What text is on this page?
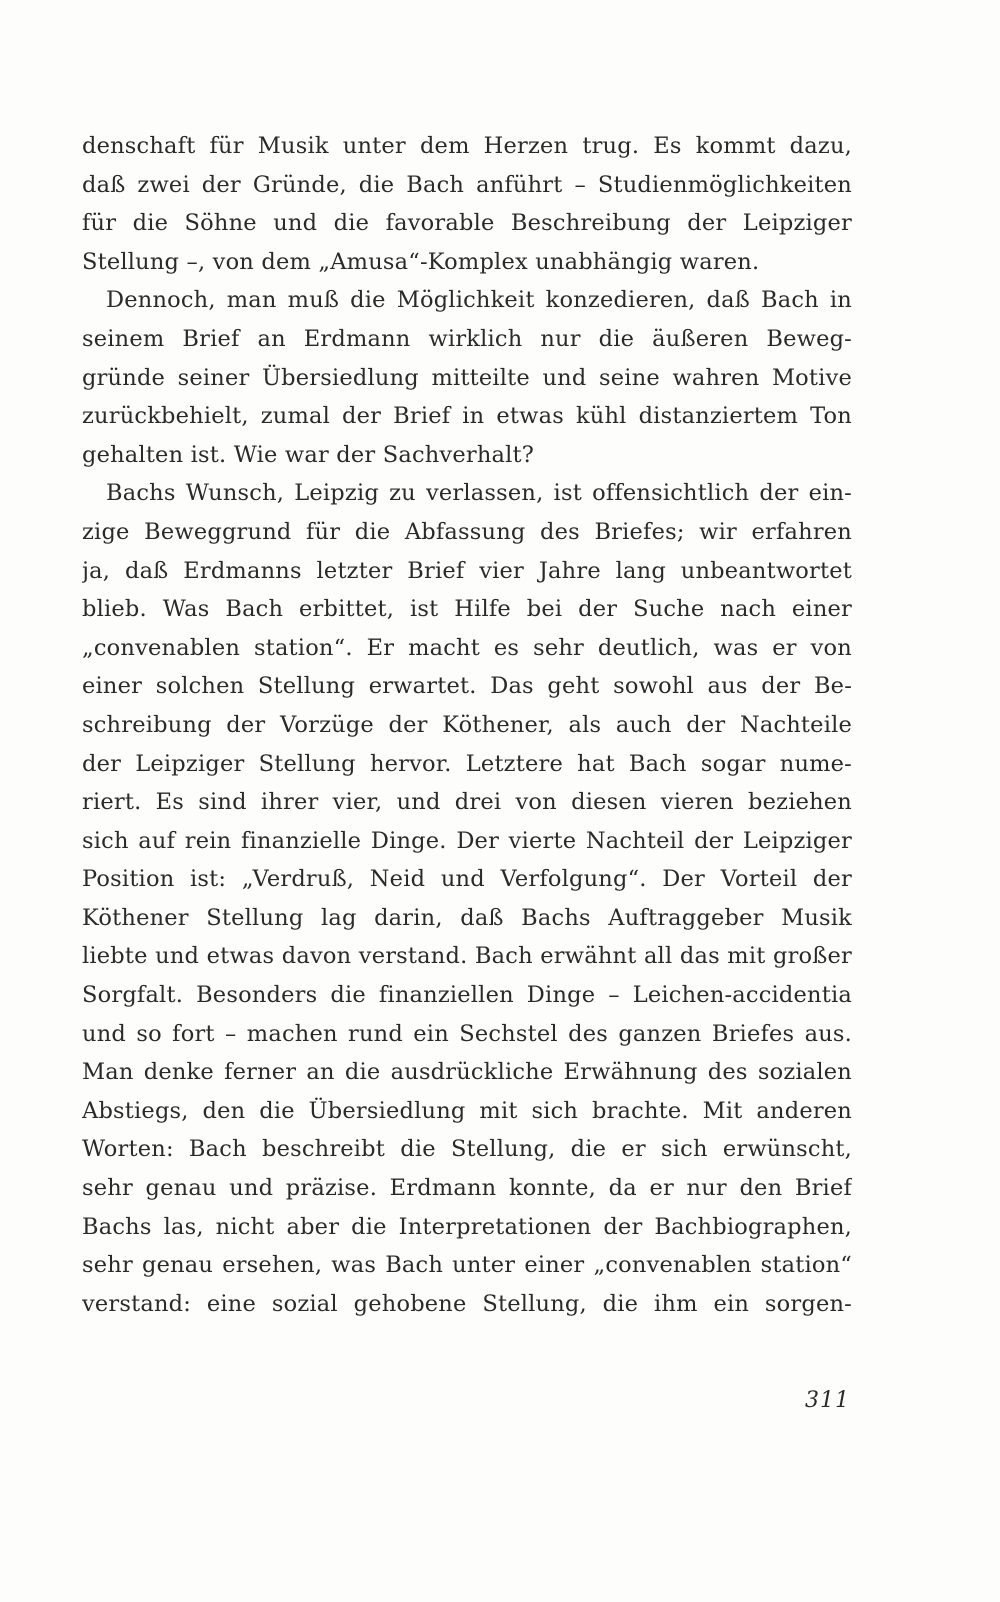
denschaft für Musik unter dem Herzen trug. Es kommt dazu,
daß zwei der Gründe, die Bach anführt – Studienmöglichkeiten
für die Söhne und die favorable Beschreibung der Leipziger
Stellung –, von dem „Amusa“-Komplex unabhängig waren.
Dennoch, man muß die Möglichkeit konzedieren, daß Bach in
seinem Brief an Erdmann wirklich nur die äußeren Beweg-
gründe seiner Übersiedlung mitteilte und seine wahren Motive
zurückbehielt, zumal der Brief in etwas kühl distanziertem Ton
gehalten ist. Wie war der Sachverhalt?
Bachs Wunsch, Leipzig zu verlassen, ist offensichtlich der ein-
zige Beweggrund für die Abfassung des Briefes; wir erfahren
ja, daß Erdmanns letzter Brief vier Jahre lang unbeantwortet
blieb. Was Bach erbittet, ist Hilfe bei der Suche nach einer
„convenablen station“. Er macht es sehr deutlich, was er von
einer solchen Stellung erwartet. Das geht sowohl aus der Be-
schreibung der Vorzüge der Köthener, als auch der Nachteile
der Leipziger Stellung hervor. Letztere hat Bach sogar nume-
riert. Es sind ihrer vier, und drei von diesen vieren beziehen
sich auf rein finanzielle Dinge. Der vierte Nachteil der Leipziger
Position ist: „Verdruß, Neid und Verfolgung“. Der Vorteil der
Köthener Stellung lag darin, daß Bachs Auftraggeber Musik
liebte und etwas davon verstand. Bach erwähnt all das mit großer
Sorgfalt. Besonders die finanziellen Dinge – Leichen-accidentia
und so fort – machen rund ein Sechstel des ganzen Briefes aus.
Man denke ferner an die ausdrückliche Erwähnung des sozialen
Abstiegs, den die Übersiedlung mit sich brachte. Mit anderen
Worten: Bach beschreibt die Stellung, die er sich erwünscht,
sehr genau und präzise. Erdmann konnte, da er nur den Brief
Bachs las, nicht aber die Interpretationen der Bachbiographen,
sehr genau ersehen, was Bach unter einer „convenablen station“
verstand: eine sozial gehobene Stellung, die ihm ein sorgen-
311
